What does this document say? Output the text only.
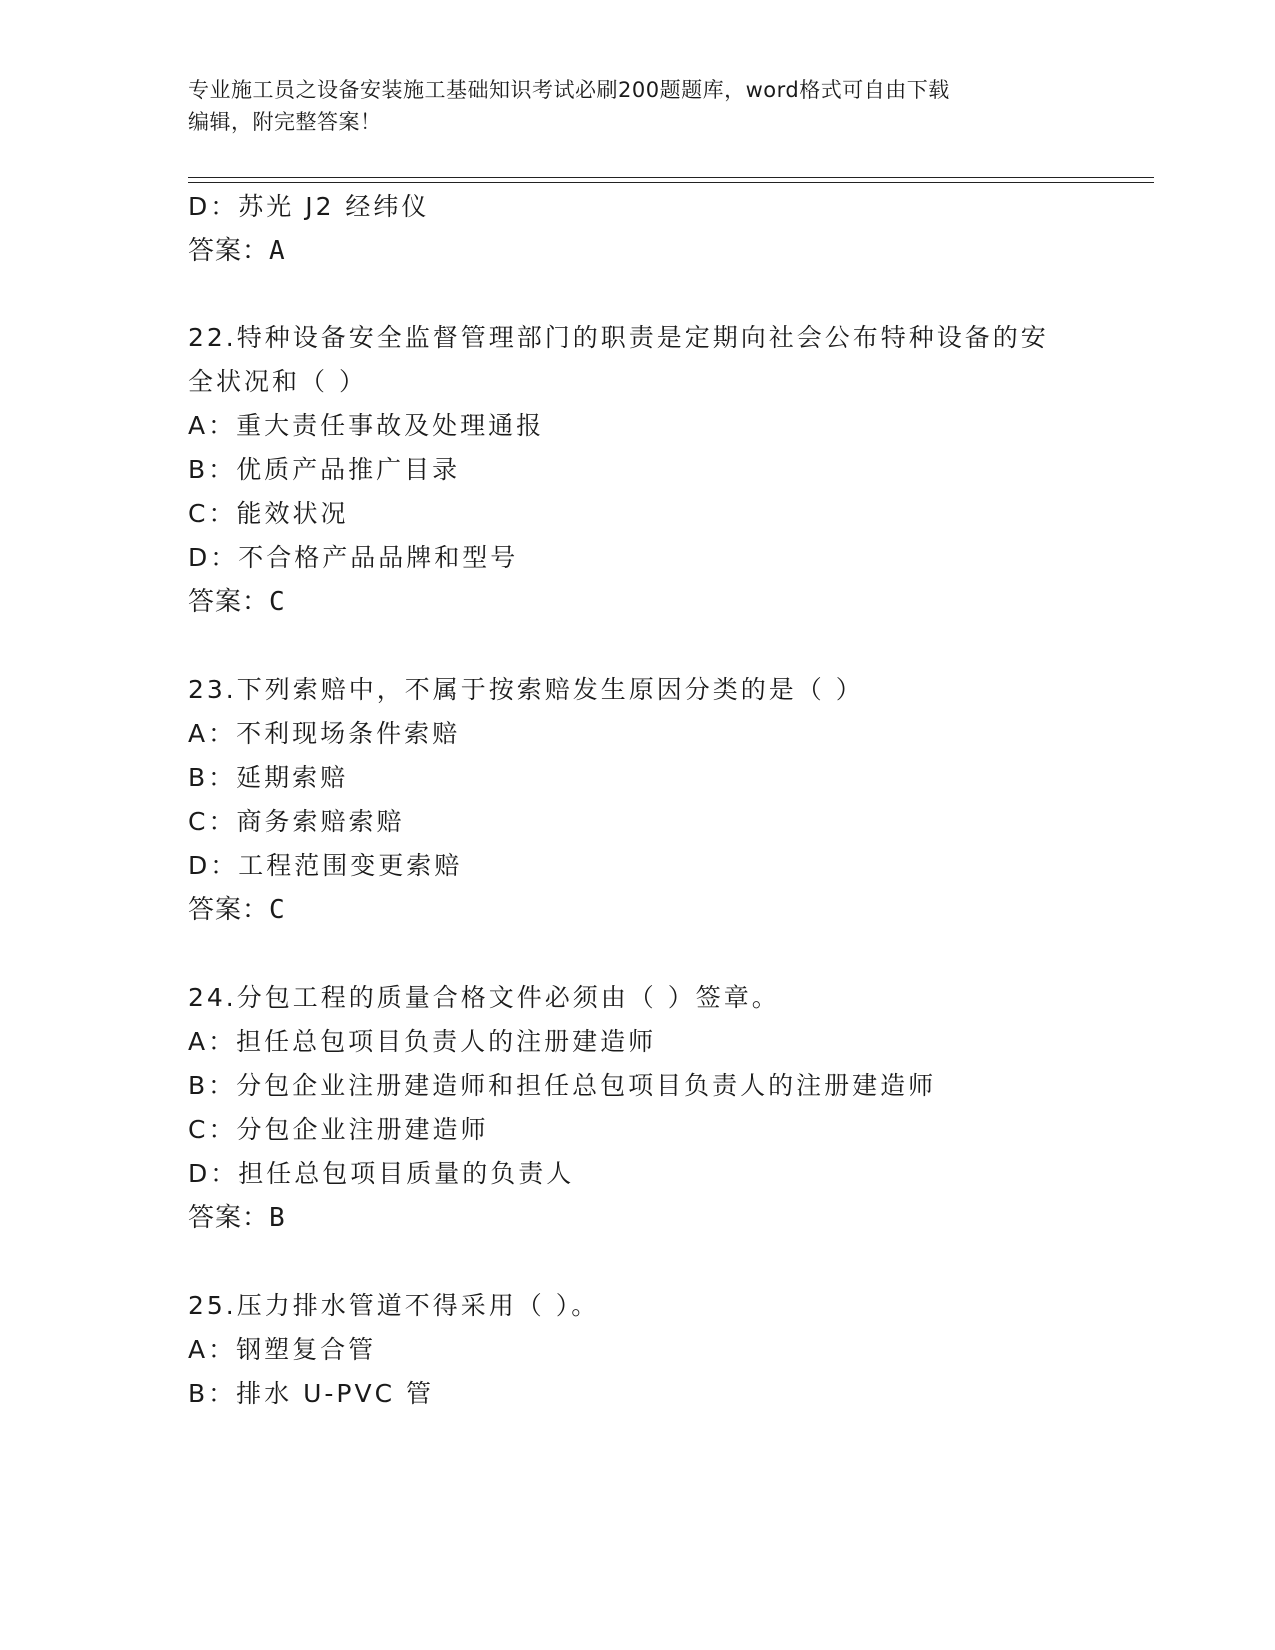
专业施工员之设备安装施工基础知识考试必刷200题题库，word格式可自由下载
编辑，附完整答案！
D：苏光 J2 经纬仪
答案：A
22.特种设备安全监督管理部门的职责是定期向社会公布特种设备的安
全状况和（ ）
A：重大责任事故及处理通报
B：优质产品推广目录
C：能效状况
D：不合格产品品牌和型号
答案：C
23.下列索赔中，不属于按索赔发生原因分类的是（ ）
A：不利现场条件索赔
B：延期索赔
C：商务索赔索赔
D：工程范围变更索赔
答案：C
24.分包工程的质量合格文件必须由（ ）签章。
A：担任总包项目负责人的注册建造师
B：分包企业注册建造师和担任总包项目负责人的注册建造师
C：分包企业注册建造师
D：担任总包项目质量的负责人
答案：B
25.压力排水管道不得采用（ ）。
A：钢塑复合管
B：排水 U-PVC 管
